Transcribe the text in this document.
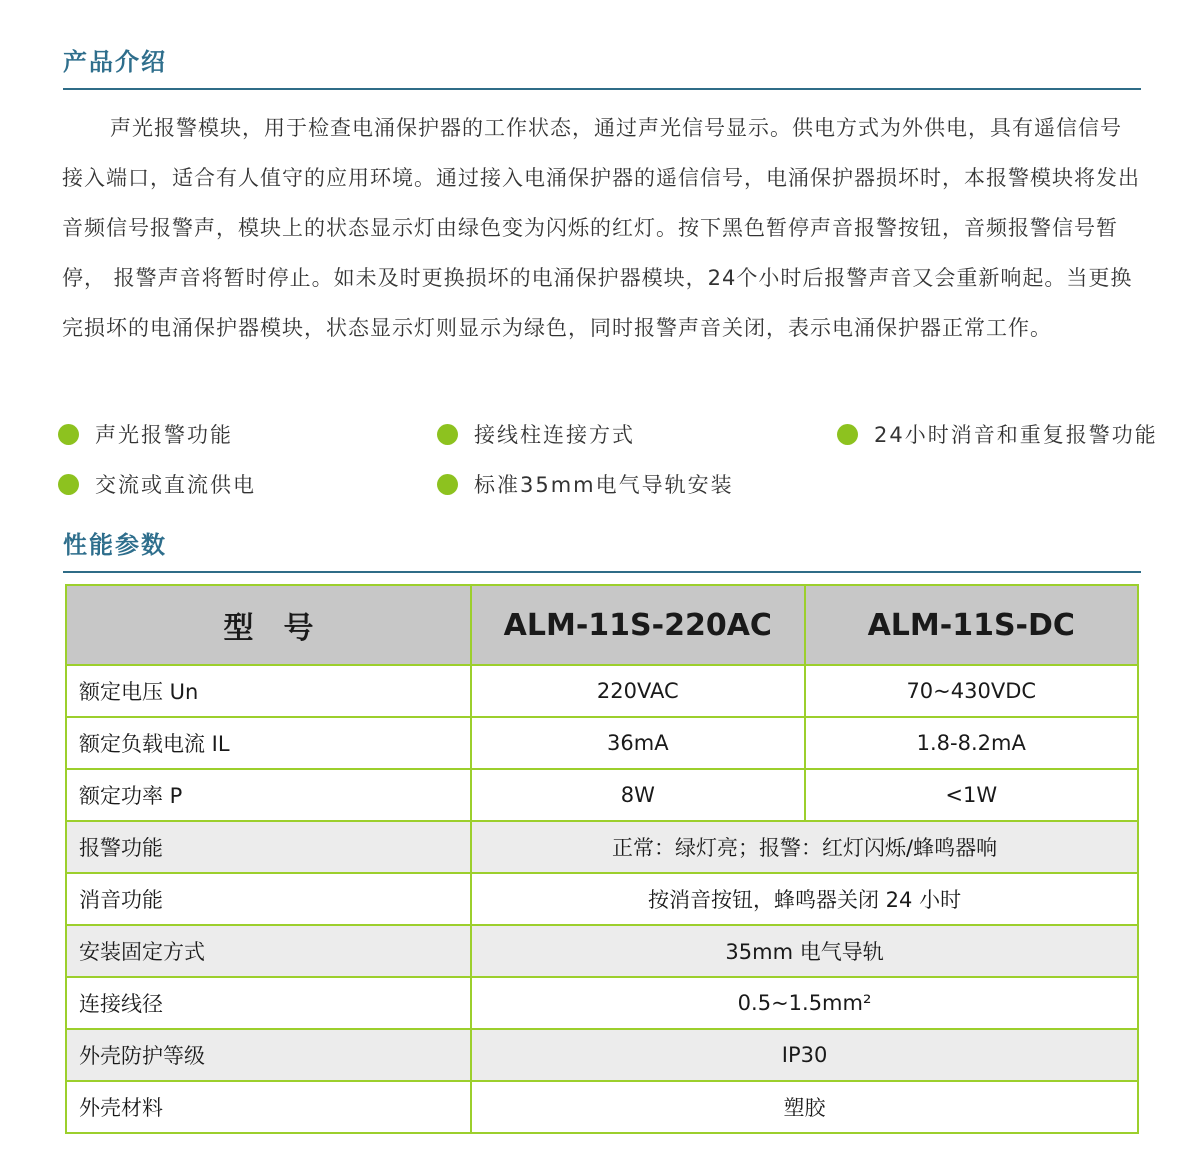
产品介绍

声光报警模块，用于检查电涌保护器的工作状态，通过声光信号显示。供电方式为外供电，具有遥信信号接入端口，适合有人值守的应用环境。通过接入电涌保护器的遥信信号，电涌保护器损坏时，本报警模块将发出音频信号报警声，模块上的状态显示灯由绿色变为闪烁的红灯。按下黑色暂停声音报警按钮，音频报警信号暂停， 报警声音将暂时停止。如未及时更换损坏的电涌保护器模块，24个小时后报警声音又会重新响起。当更换完损坏的电涌保护器模块，状态显示灯则显示为绿色，同时报警声音关闭，表示电涌保护器正常工作。

声光报警功能	接线柱连接方式	24小时消音和重复报警功能
交流或直流供电	标准35mm电气导轨安装
性能参数
型　号	ALM-11S-220AC	ALM-11S-DC
额定电压 Un	220VAC	70~430VDC
额定负载电流 IL	36mA	1.8-8.2mA
额定功率 P	8W	<1W
报警功能	正常：绿灯亮；报警：红灯闪烁/蜂鸣器响	
消音功能	按消音按钮，蜂鸣器关闭 24 小时	
安装固定方式	35mm 电气导轨	
连接线径	0.5~1.5mm²	
外壳防护等级	IP30	
外壳材料	塑胶	
